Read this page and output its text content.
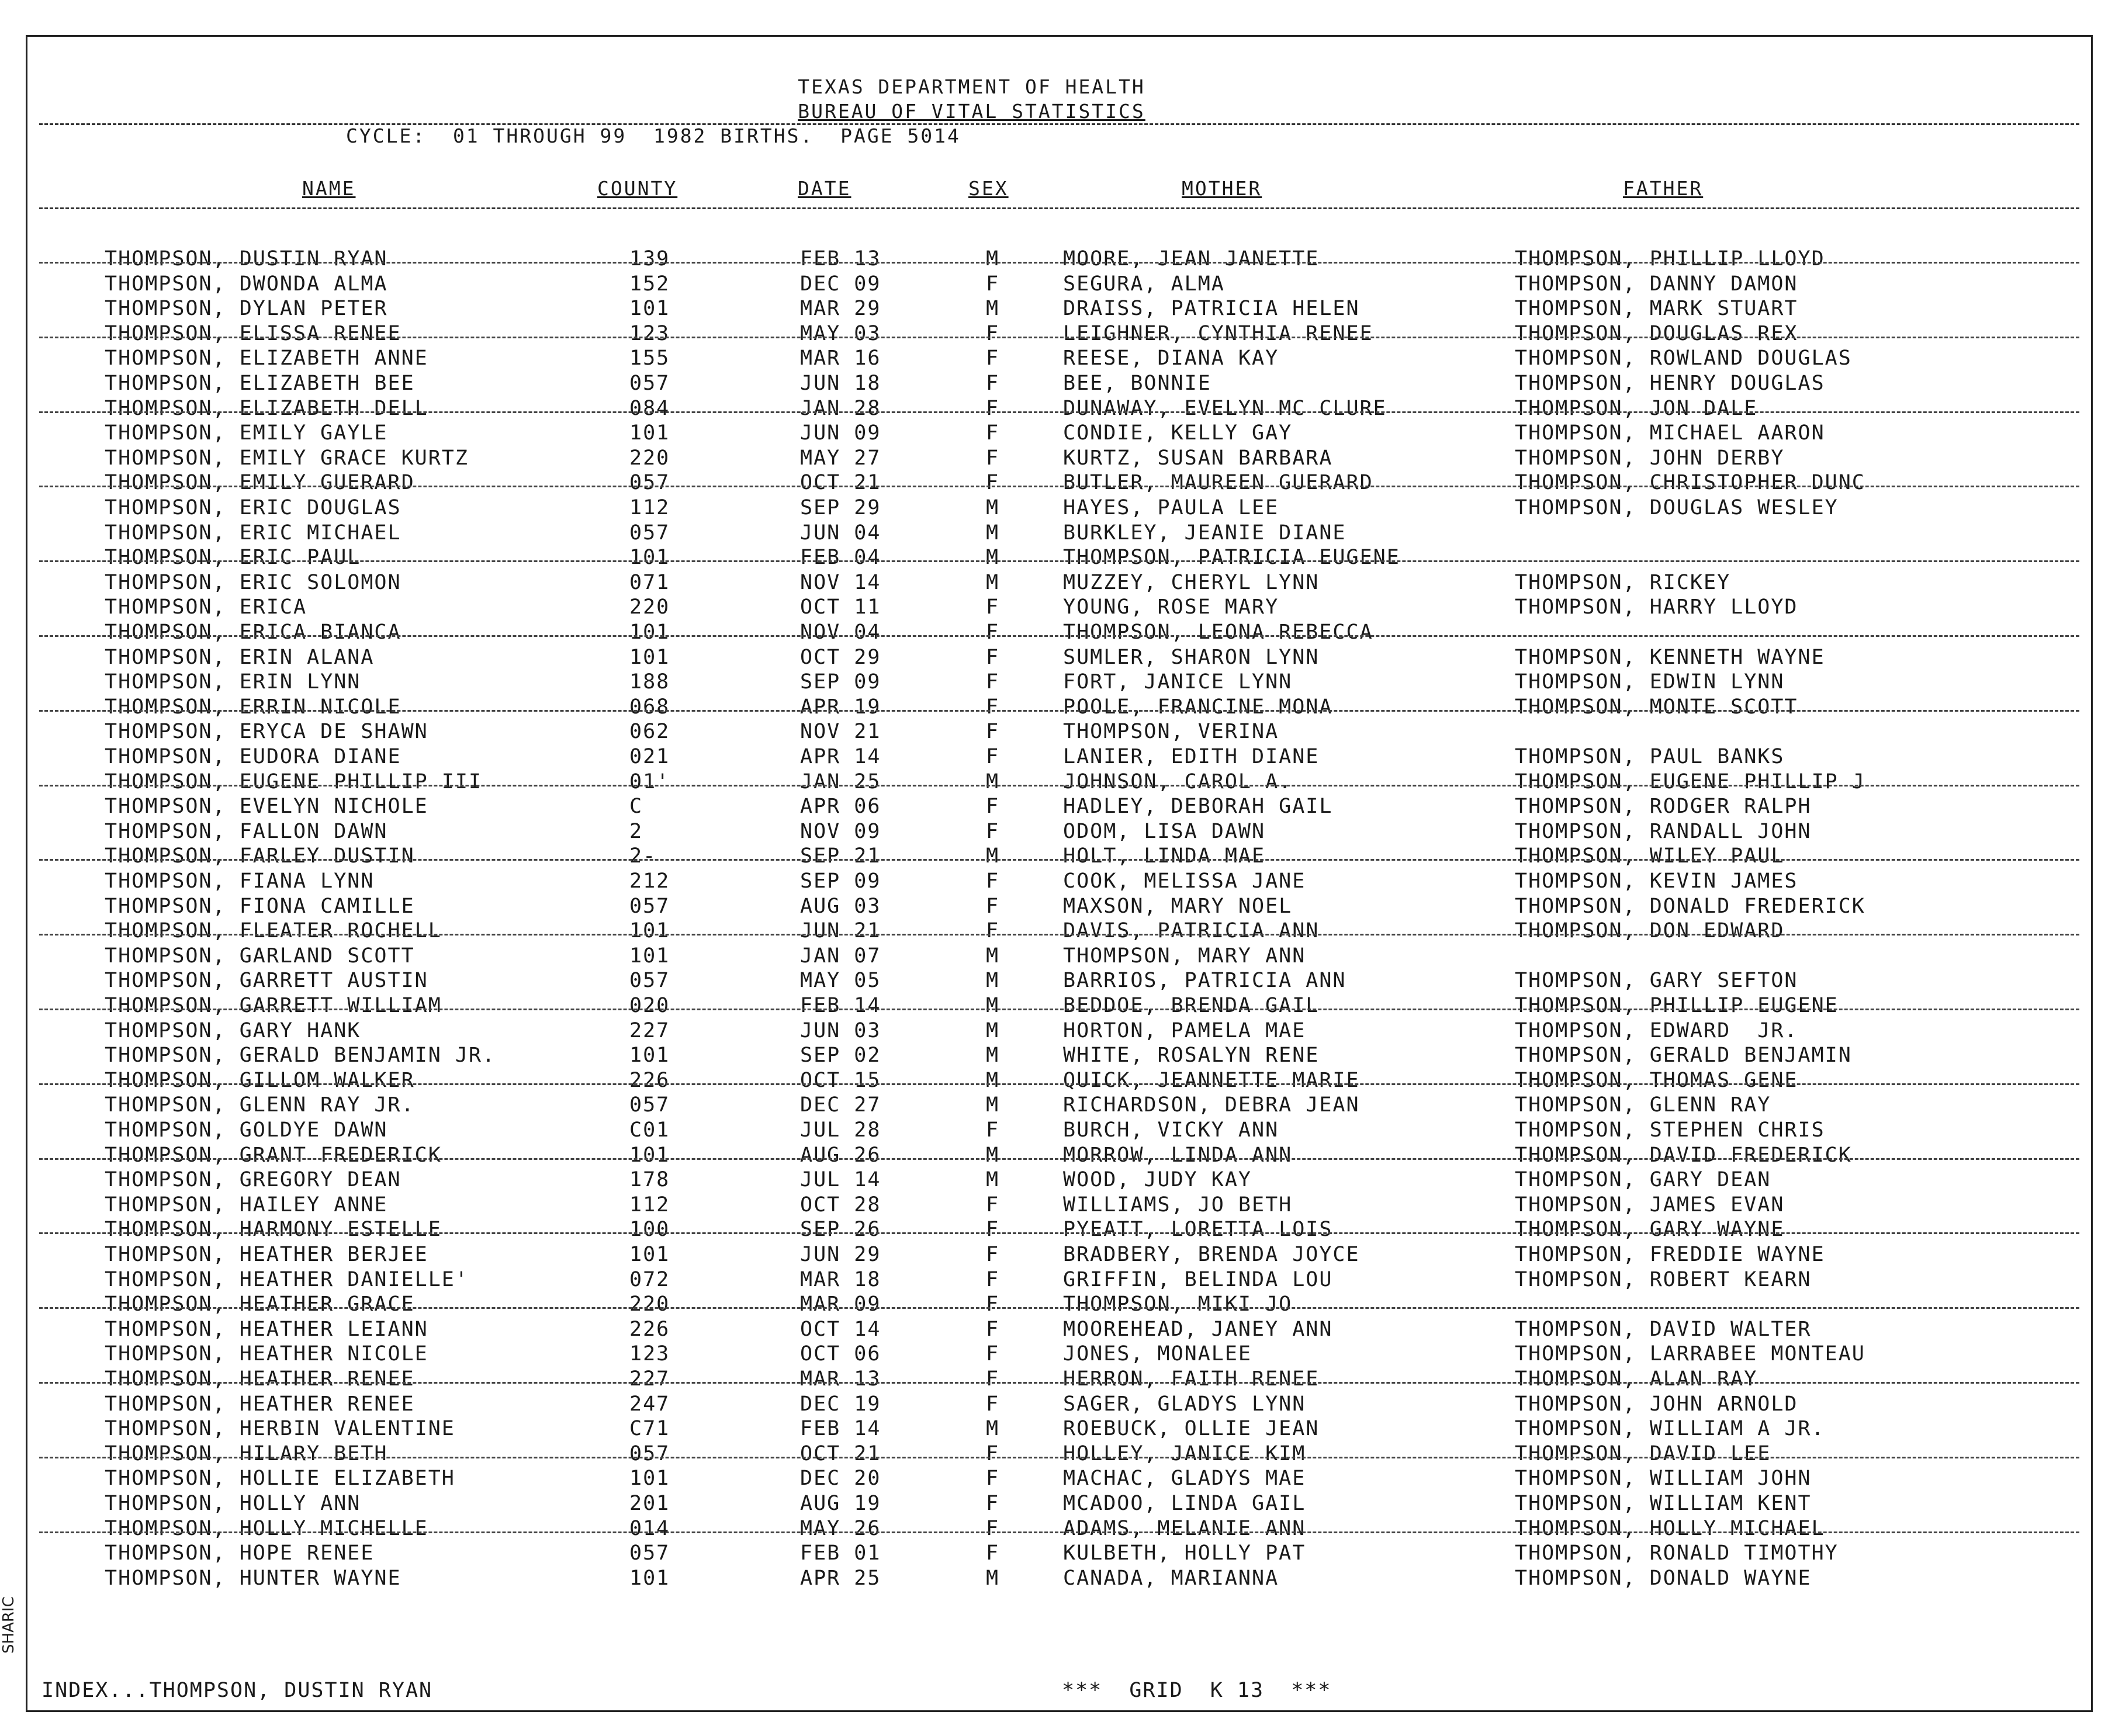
TEXAS DEPARTMENT OF HEALTH
BUREAU OF VITAL STATISTICS
CYCLE:  01 THROUGH 99  1982 BIRTHS.  PAGE 5014
NAME	COUNTY	DATE	SEX	MOTHER	FATHER
THOMPSON, DUSTIN RYAN	139	FEB 13	M	MOORE, JEAN JANETTE	THOMPSON, PHILLIP LLOYD
THOMPSON, DWONDA ALMA	152	DEC 09	F	SEGURA, ALMA	THOMPSON, DANNY DAMON
THOMPSON, DYLAN PETER	101	MAR 29	M	DRAISS, PATRICIA HELEN	THOMPSON, MARK STUART
THOMPSON, ELISSA RENEE	123	MAY 03	F	LEIGHNER, CYNTHIA RENEE	THOMPSON, DOUGLAS REX
THOMPSON, ELIZABETH ANNE	155	MAR 16	F	REESE, DIANA KAY	THOMPSON, ROWLAND DOUGLAS
THOMPSON, ELIZABETH BEE	057	JUN 18	F	BEE, BONNIE	THOMPSON, HENRY DOUGLAS
THOMPSON, ELIZABETH DELL	084	JAN 28	F	DUNAWAY, EVELYN MC CLURE	THOMPSON, JON DALE
THOMPSON, EMILY GAYLE	101	JUN 09	F	CONDIE, KELLY GAY	THOMPSON, MICHAEL AARON
THOMPSON, EMILY GRACE KURTZ	220	MAY 27	F	KURTZ, SUSAN BARBARA	THOMPSON, JOHN DERBY
THOMPSON, EMILY GUERARD	057	OCT 21	F	BUTLER, MAUREEN GUERARD	THOMPSON, CHRISTOPHER DUNC
THOMPSON, ERIC DOUGLAS	112	SEP 29	M	HAYES, PAULA LEE	THOMPSON, DOUGLAS WESLEY
THOMPSON, ERIC MICHAEL	057	JUN 04	M	BURKLEY, JEANIE DIANE
THOMPSON, ERIC PAUL	101	FEB 04	M	THOMPSON, PATRICIA EUGENE
THOMPSON, ERIC SOLOMON	071	NOV 14	M	MUZZEY, CHERYL LYNN	THOMPSON, RICKEY
THOMPSON, ERICA	220	OCT 11	F	YOUNG, ROSE MARY	THOMPSON, HARRY LLOYD
THOMPSON, ERICA BIANCA	101	NOV 04	F	THOMPSON, LEONA REBECCA
THOMPSON, ERIN ALANA	101	OCT 29	F	SUMLER, SHARON LYNN	THOMPSON, KENNETH WAYNE
THOMPSON, ERIN LYNN	188	SEP 09	F	FORT, JANICE LYNN	THOMPSON, EDWIN LYNN
THOMPSON, ERRIN NICOLE	068	APR 19	F	POOLE, FRANCINE MONA	THOMPSON, MONTE SCOTT
THOMPSON, ERYCA DE SHAWN	062	NOV 21	F	THOMPSON, VERINA
THOMPSON, EUDORA DIANE	021	APR 14	F	LANIER, EDITH DIANE	THOMPSON, PAUL BANKS
THOMPSON, EUGENE PHILLIP III	01'	JAN 25	M	JOHNSON, CAROL A.	THOMPSON, EUGENE PHILLIP J
THOMPSON, EVELYN NICHOLE	C	APR 06	F	HADLEY, DEBORAH GAIL	THOMPSON, RODGER RALPH
THOMPSON, FALLON DAWN	2	NOV 09	F	ODOM, LISA DAWN	THOMPSON, RANDALL JOHN
THOMPSON, FARLEY DUSTIN	2-	SEP 21	M	HOLT, LINDA MAE	THOMPSON, WILEY PAUL
THOMPSON, FIANA LYNN	212	SEP 09	F	COOK, MELISSA JANE	THOMPSON, KEVIN JAMES
THOMPSON, FIONA CAMILLE	057	AUG 03	F	MAXSON, MARY NOEL	THOMPSON, DONALD FREDERICK
THOMPSON, FLEATER ROCHELL	101	JUN 21	F	DAVIS, PATRICIA ANN	THOMPSON, DON EDWARD
THOMPSON, GARLAND SCOTT	101	JAN 07	M	THOMPSON, MARY ANN
THOMPSON, GARRETT AUSTIN	057	MAY 05	M	BARRIOS, PATRICIA ANN	THOMPSON, GARY SEFTON
THOMPSON, GARRETT WILLIAM	020	FEB 14	M	BEDDOE, BRENDA GAIL	THOMPSON, PHILLIP EUGENE
THOMPSON, GARY HANK	227	JUN 03	M	HORTON, PAMELA MAE	THOMPSON, EDWARD  JR.
THOMPSON, GERALD BENJAMIN JR.	101	SEP 02	M	WHITE, ROSALYN RENE	THOMPSON, GERALD BENJAMIN
THOMPSON, GILLOM WALKER	226	OCT 15	M	QUICK, JEANNETTE MARIE	THOMPSON, THOMAS GENE
THOMPSON, GLENN RAY JR.	057	DEC 27	M	RICHARDSON, DEBRA JEAN	THOMPSON, GLENN RAY
THOMPSON, GOLDYE DAWN	C01	JUL 28	F	BURCH, VICKY ANN	THOMPSON, STEPHEN CHRIS
THOMPSON, GRANT FREDERICK	101	AUG 26	M	MORROW, LINDA ANN	THOMPSON, DAVID FREDERICK
THOMPSON, GREGORY DEAN	178	JUL 14	M	WOOD, JUDY KAY	THOMPSON, GARY DEAN
THOMPSON, HAILEY ANNE	112	OCT 28	F	WILLIAMS, JO BETH	THOMPSON, JAMES EVAN
THOMPSON, HARMONY ESTELLE	100	SEP 26	F	PYEATT, LORETTA LOIS	THOMPSON, GARY WAYNE
THOMPSON, HEATHER BERJEE	101	JUN 29	F	BRADBERY, BRENDA JOYCE	THOMPSON, FREDDIE WAYNE
THOMPSON, HEATHER DANIELLE'	072	MAR 18	F	GRIFFIN, BELINDA LOU	THOMPSON, ROBERT KEARN
THOMPSON, HEATHER GRACE	220	MAR 09	F	THOMPSON, MIKI JO
THOMPSON, HEATHER LEIANN	226	OCT 14	F	MOOREHEAD, JANEY ANN	THOMPSON, DAVID WALTER
THOMPSON, HEATHER NICOLE	123	OCT 06	F	JONES, MONALEE	THOMPSON, LARRABEE MONTEAU
THOMPSON, HEATHER RENEE	227	MAR 13	F	HERRON, FAITH RENEE	THOMPSON, ALAN RAY
THOMPSON, HEATHER RENEE	247	DEC 19	F	SAGER, GLADYS LYNN	THOMPSON, JOHN ARNOLD
THOMPSON, HERBIN VALENTINE	C71	FEB 14	M	ROEBUCK, OLLIE JEAN	THOMPSON, WILLIAM A JR.
THOMPSON, HILARY BETH	057	OCT 21	F	HOLLEY, JANICE KIM	THOMPSON, DAVID LEE
THOMPSON, HOLLIE ELIZABETH	101	DEC 20	F	MACHAC, GLADYS MAE	THOMPSON, WILLIAM JOHN
THOMPSON, HOLLY ANN	201	AUG 19	F	MCADOO, LINDA GAIL	THOMPSON, WILLIAM KENT
THOMPSON, HOLLY MICHELLE	014	MAY 26	F	ADAMS, MELANIE ANN	THOMPSON, HOLLY MICHAEL
THOMPSON, HOPE RENEE	057	FEB 01	F	KULBETH, HOLLY PAT	THOMPSON, RONALD TIMOTHY
THOMPSON, HUNTER WAYNE	101	APR 25	M	CANADA, MARIANNA	THOMPSON, DONALD WAYNE
INDEX...THOMPSON, DUSTIN RYAN	***  GRID  K 13  ***
SHARIC
